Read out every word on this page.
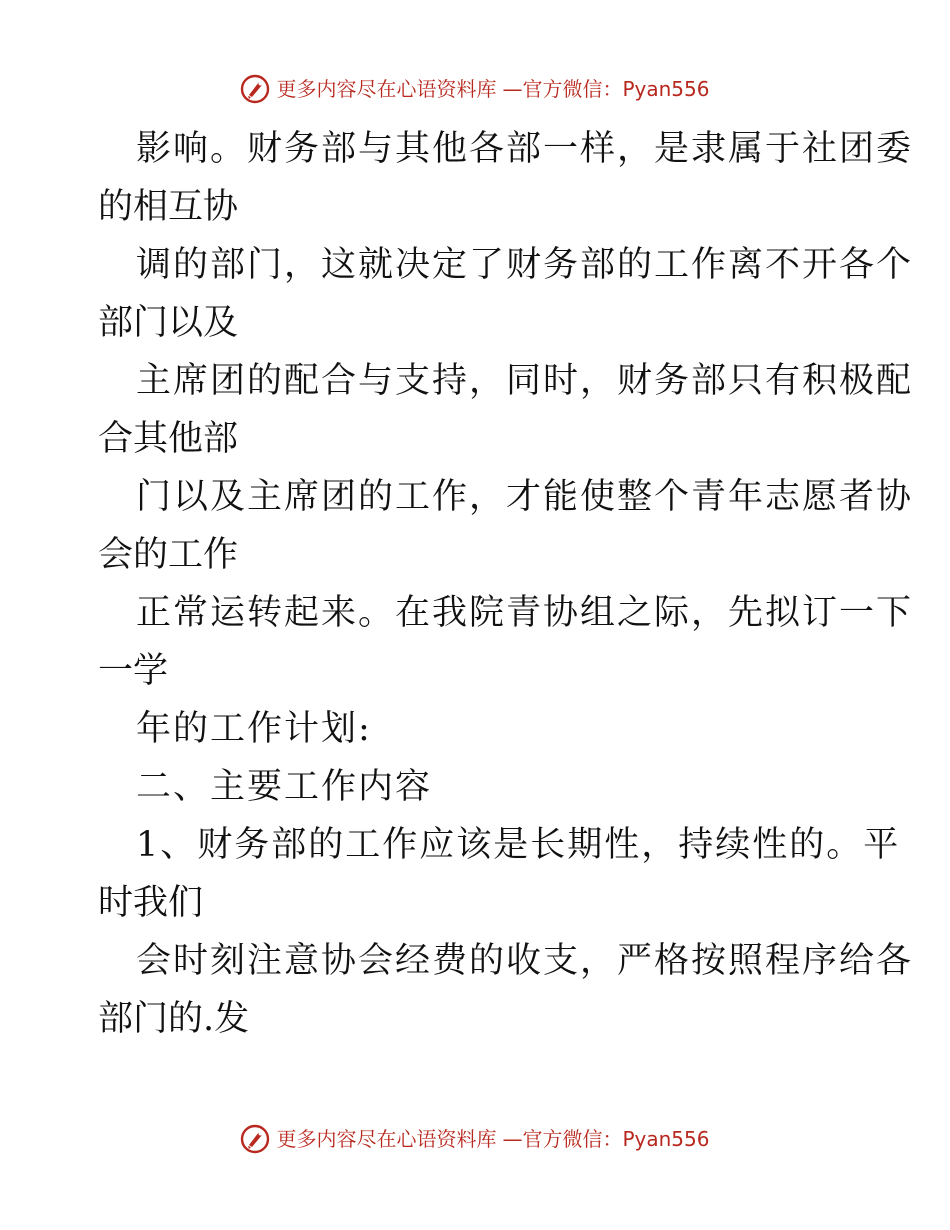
更多内容尽在心语资料库 —官方微信：Pyan556
影响。财务部与其他各部一样，是隶属于社团委
的相互协
调的部门，这就决定了财务部的工作离不开各个
部门以及
主席团的配合与支持，同时，财务部只有积极配
合其他部
门以及主席团的工作，才能使整个青年志愿者协
会的工作
正常运转起来。在我院青协组之际，先拟订一下
一学
年的工作计划:
二、主要工作内容
1、财务部的工作应该是长期性，持续性的。平
时我们
会时刻注意协会经费的收支，严格按照程序给各
部门的.发
更多内容尽在心语资料库 —官方微信：Pyan556
